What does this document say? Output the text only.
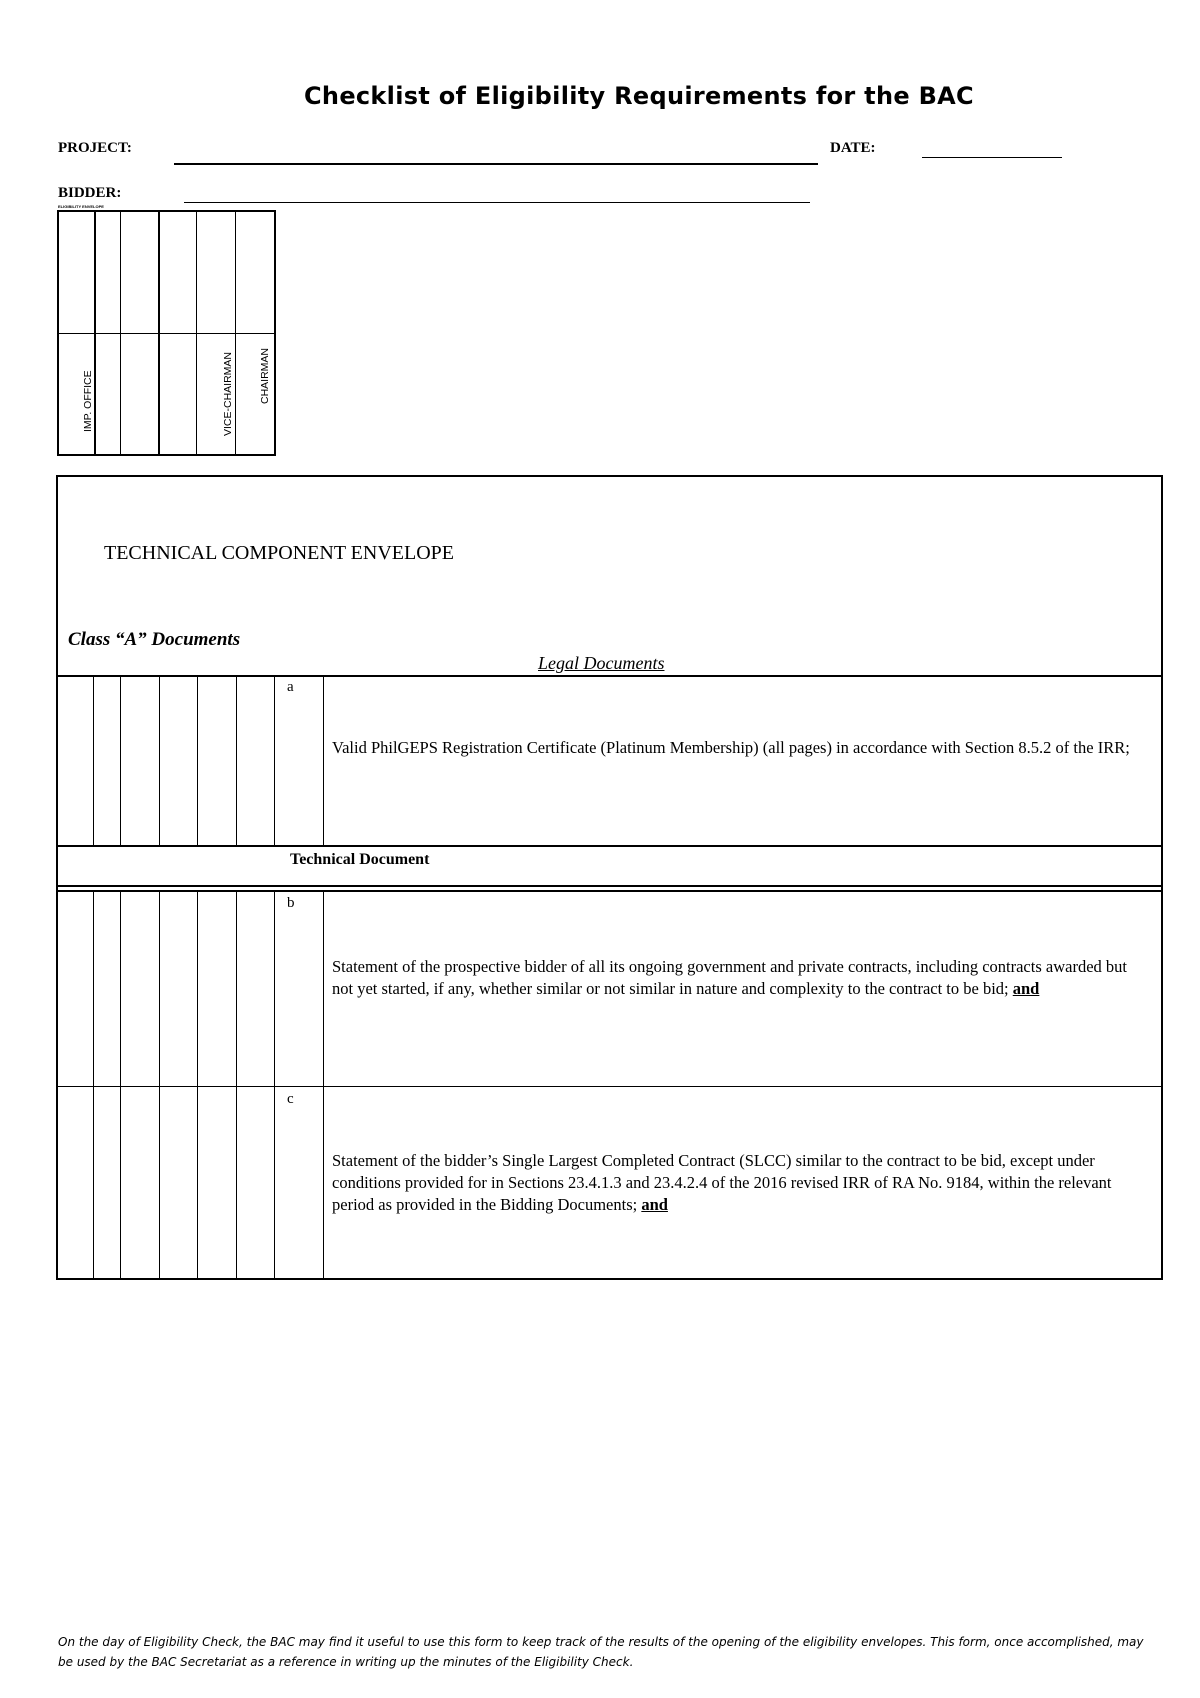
Checklist of Eligibility Requirements for the BAC
PROJECT:	DATE:
BIDDER:
ELIGIBILITY ENVELOPE
IMP. OFFICE	VICE-CHAIRMAN CHAIRMAN
TECHNICAL COMPONENT ENVELOPE
Class “A” Documents
Legal Documents
a
Valid PhilGEPS Registration Certificate (Platinum Membership) (all pages) in accordance with Section 8.5.2 of the IRR;
Technical Document
b
Statement of the prospective bidder of all its ongoing government and private contracts, including contracts awarded but not yet started, if any, whether similar or not similar in nature and complexity to the contract to be bid; and
c
Statement of the bidder’s Single Largest Completed Contract (SLCC) similar to the contract to be bid, except under conditions provided for in Sections 23.4.1.3 and 23.4.2.4 of the 2016 revised IRR of RA No. 9184, within the relevant period as provided in the Bidding Documents; and
On the day of Eligibility Check, the BAC may find it useful to use this form to keep track of the results of the opening of the eligibility envelopes. This form, once accomplished, may be used by the BAC Secretariat as a reference in writing up the minutes of the Eligibility Check.
